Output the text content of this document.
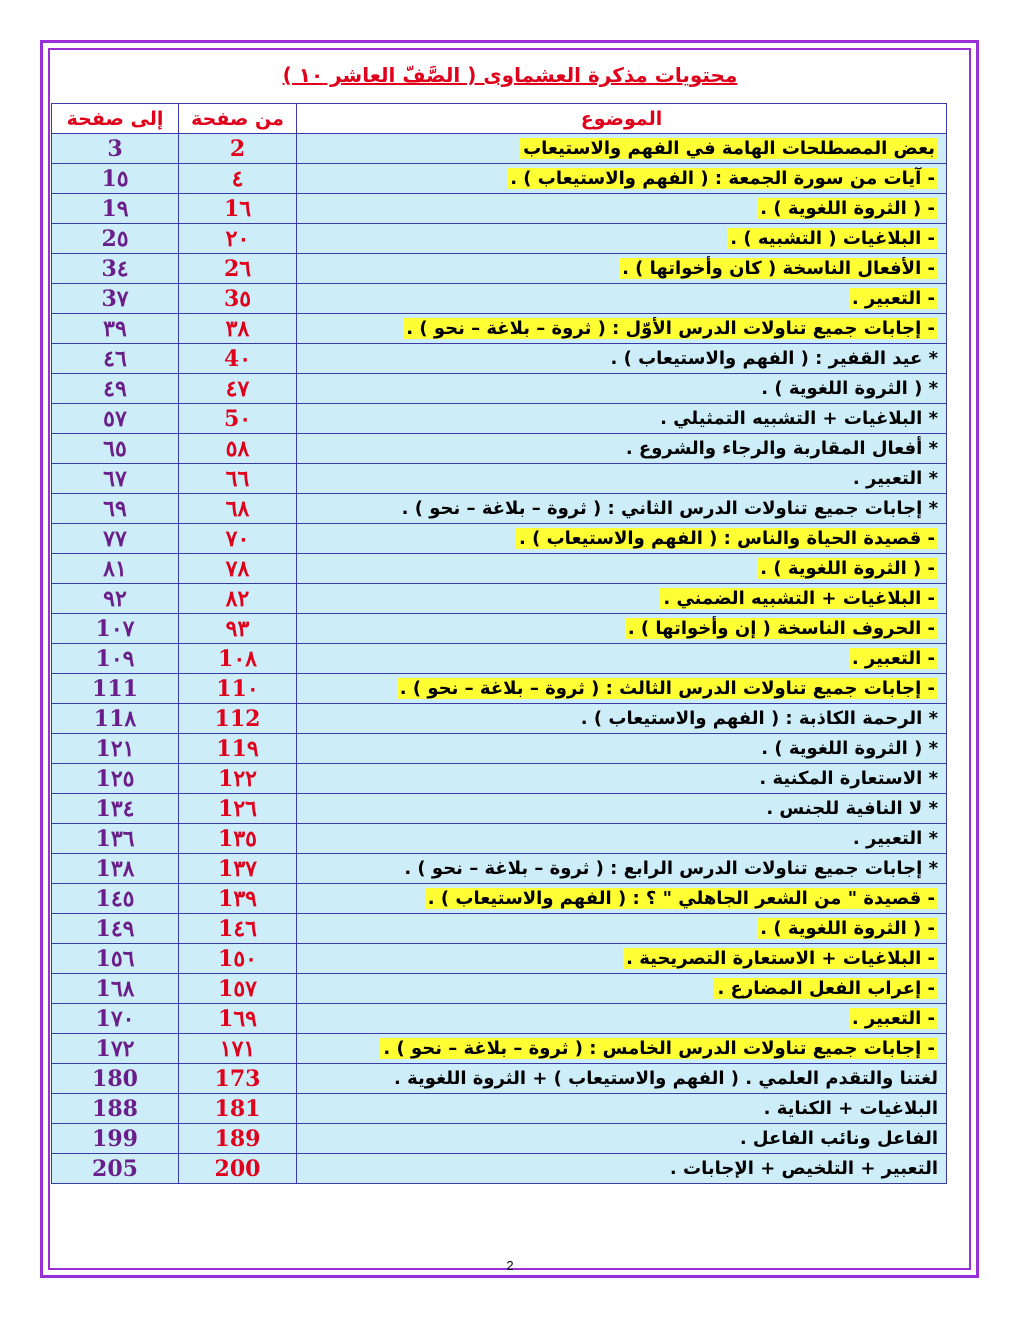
محتويات مذكرة العشماوى ( الصَّفّ العاشر ١٠ )
إلى صفحة	من صفحة	الموضوع
3	2	بعض المصطلحات الهامة في الفهم والاستيعاب
1٥	٤	- آيات من سورة الجمعة : ( الفهم والاستيعاب ) .
1٩	1٦	- ( الثروة اللغوية ) .
2٥	٢٠	- البلاغيات ( التشبيه ) .
3٤	2٦	- الأفعال الناسخة ( كان وأخواتها ) .
3٧	3٥	- التعبير .
٣٩	٣٨	- إجابات جميع تناولات الدرس الأوّل : ( ثروة – بلاغة – نحو ) .
٤٦	4٠	* عيد القفير : ( الفهم والاستيعاب ) .
٤٩	٤٧	* ( الثروة اللغوية ) .
٥٧	5٠	* البلاغيات + التشبيه التمثيلي .
٦٥	٥٨	* أفعال المقاربة والرجاء والشروع .
٦٧	٦٦	* التعبير .
٦٩	٦٨	* إجابات جميع تناولات الدرس الثاني : ( ثروة – بلاغة – نحو ) .
٧٧	٧٠	- قصيدة الحياة والناس : ( الفهم والاستيعاب ) .
٨١	٧٨	- ( الثروة اللغوية ) .
٩٢	٨٢	- البلاغيات + التشبيه الضمني .
1٠٧	٩٣	- الحروف الناسخة ( إن وأخواتها ) .
1٠٩	1٠٨	- التعبير .
111	11٠	- إجابات جميع تناولات الدرس الثالث : ( ثروة – بلاغة – نحو ) .
11٨	112	* الرحمة الكاذبة : ( الفهم والاستيعاب ) .
1٢١	11٩	* ( الثروة اللغوية ) .
1٢٥	1٢٢	* الاستعارة المكنية .
1٣٤	1٢٦	* لا النافية للجنس .
1٣٦	1٣٥	* التعبير .
1٣٨	1٣٧	* إجابات جميع تناولات الدرس الرابع : ( ثروة – بلاغة – نحو ) .
1٤٥	1٣٩	- قصيدة " من الشعر الجاهلي " ؟ : ( الفهم والاستيعاب ) .
1٤٩	1٤٦	- ( الثروة اللغوية ) .
1٥٦	1٥٠	- البلاغيات + الاستعارة التصريحية .
1٦٨	1٥٧	- إعراب الفعل المضارع .
1٧٠	1٦٩	- التعبير .
1٧٢	١٧١	- إجابات جميع تناولات الدرس الخامس : ( ثروة – بلاغة – نحو ) .
180	173	لغتنا والتقدم العلمي . ( الفهم والاستيعاب ) + الثروة اللغوية .
188	181	البلاغيات + الكناية .
199	189	الفاعل ونائب الفاعل .
205	200	التعبير + التلخيص + الإجابات .
2
